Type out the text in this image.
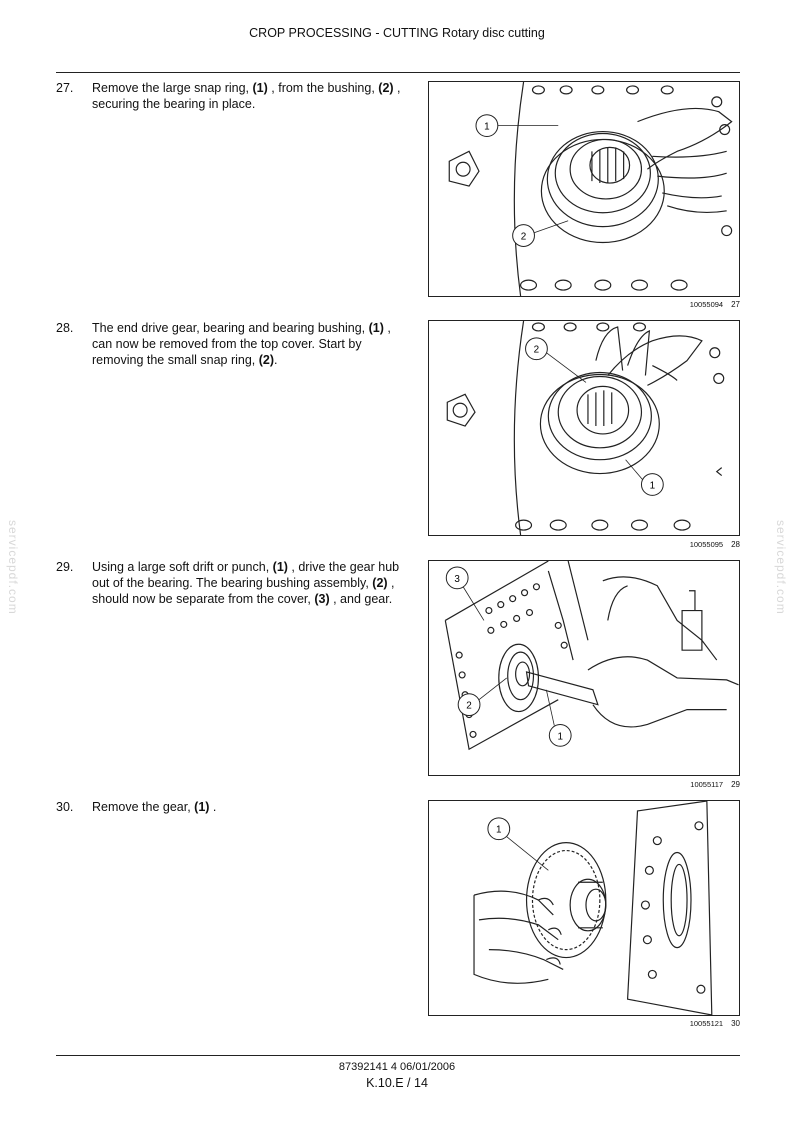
CROP PROCESSING - CUTTING Rotary disc cutting
27.	Remove the large snap ring, (1) , from the bushing, (2) , securing the bearing in place.
1
2
10055094 27
28.	The end drive gear, bearing and bearing bushing, (1) , can now be removed from the top cover. Start by removing the small snap ring, (2).
2
1
10055095 28
29.	Using a large soft drift or punch, (1) , drive the gear hub out of the bearing. The bearing bushing assembly, (2) , should now be separate from the cover, (3) , and gear.
3
2
1
10055117 29
30.	Remove the gear, (1) .
1
10055121 30
87392141 4 06/01/2006
K.10.E / 14
servicepdf.com	servicepdf.com
